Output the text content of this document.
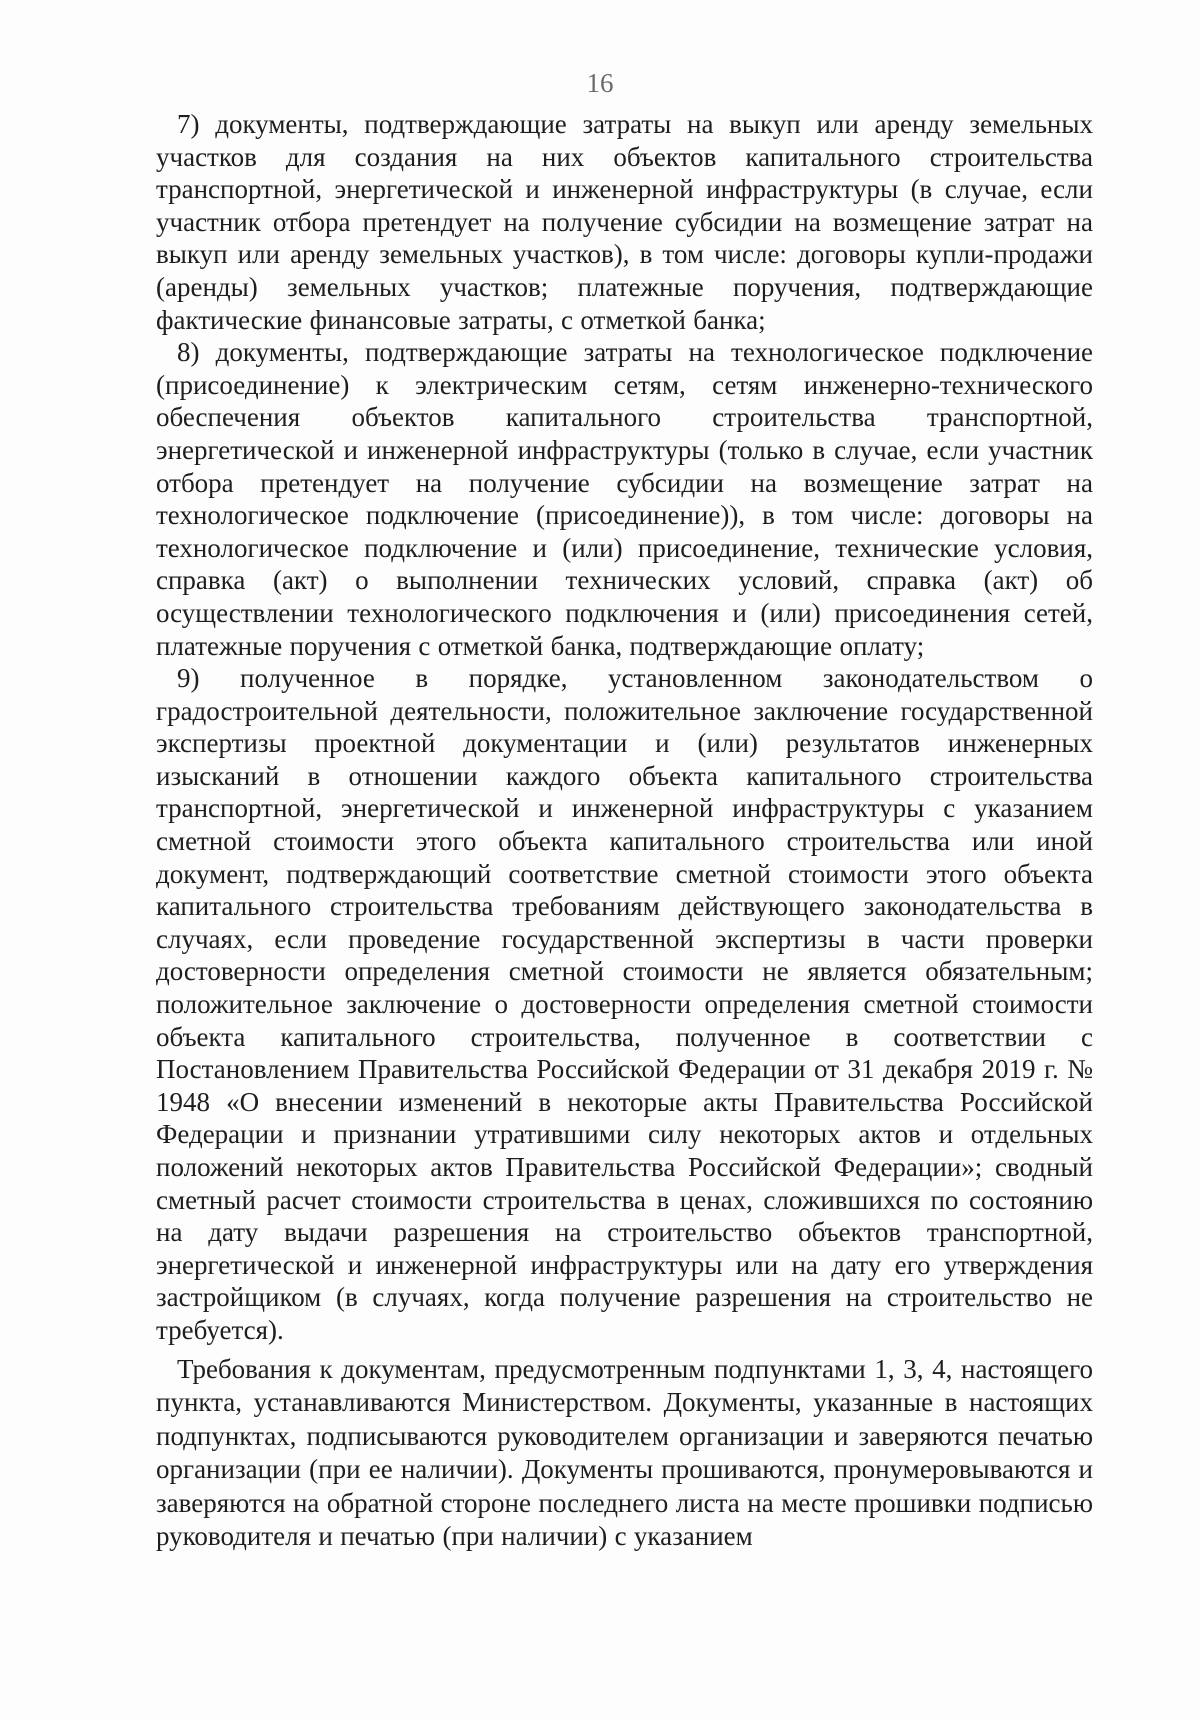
16

7) документы, подтверждающие затраты на выкуп или аренду земельных участков для создания на них объектов капитального строительства транспортной, энергетической и инженерной инфраструктуры (в случае, если участник отбора претендует на получение субсидии на возмещение затрат на выкуп или аренду земельных участков), в том числе: договоры купли-продажи (аренды) земельных участков; платежные поручения, подтверждающие фактические финансовые затраты, с отметкой банка;

8) документы, подтверждающие затраты на технологическое подключение (присоединение) к электрическим сетям, сетям инженерно-технического обеспечения объектов капитального строительства транспортной, энергетической и инженерной инфраструктуры (только в случае, если участник отбора претендует на получение субсидии на возмещение затрат на технологическое подключение (присоединение)), в том числе: договоры на технологическое подключение и (или) присоединение, технические условия, справка (акт) о выполнении технических условий, справка (акт) об осуществлении технологического подключения и (или) присоединения сетей, платежные поручения с отметкой банка, подтверждающие оплату;

9) полученное в порядке, установленном законодательством о градостроительной деятельности, положительное заключение государственной экспертизы проектной документации и (или) результатов инженерных изысканий в отношении каждого объекта капитального строительства транспортной, энергетической и инженерной инфраструктуры с указанием сметной стоимости этого объекта капитального строительства или иной документ, подтверждающий соответствие сметной стоимости этого объекта капитального строительства требованиям действующего законодательства в случаях, если проведение государственной экспертизы в части проверки достоверности определения сметной стоимости не является обязательным; положительное заключение о достоверности определения сметной стоимости объекта капитального строительства, полученное в соответствии с Постановлением Правительства Российской Федерации от 31 декабря 2019 г. № 1948 «О внесении изменений в некоторые акты Правительства Российской Федерации и признании утратившими силу некоторых актов и отдельных положений некоторых актов Правительства Российской Федерации»; сводный сметный расчет стоимости строительства в ценах, сложившихся по состоянию на дату выдачи разрешения на строительство объектов транспортной, энергетической и инженерной инфраструктуры или на дату его утверждения застройщиком (в случаях, когда получение разрешения на строительство не требуется).

Требования к документам, предусмотренным подпунктами 1, 3, 4, настоящего пункта, устанавливаются Министерством. Документы, указанные в настоящих подпунктах, подписываются руководителем организации и заверяются печатью организации (при ее наличии). Документы прошиваются, пронумеровываются и заверяются на обратной стороне последнего листа на месте прошивки подписью руководителя и печатью (при наличии) с указанием
